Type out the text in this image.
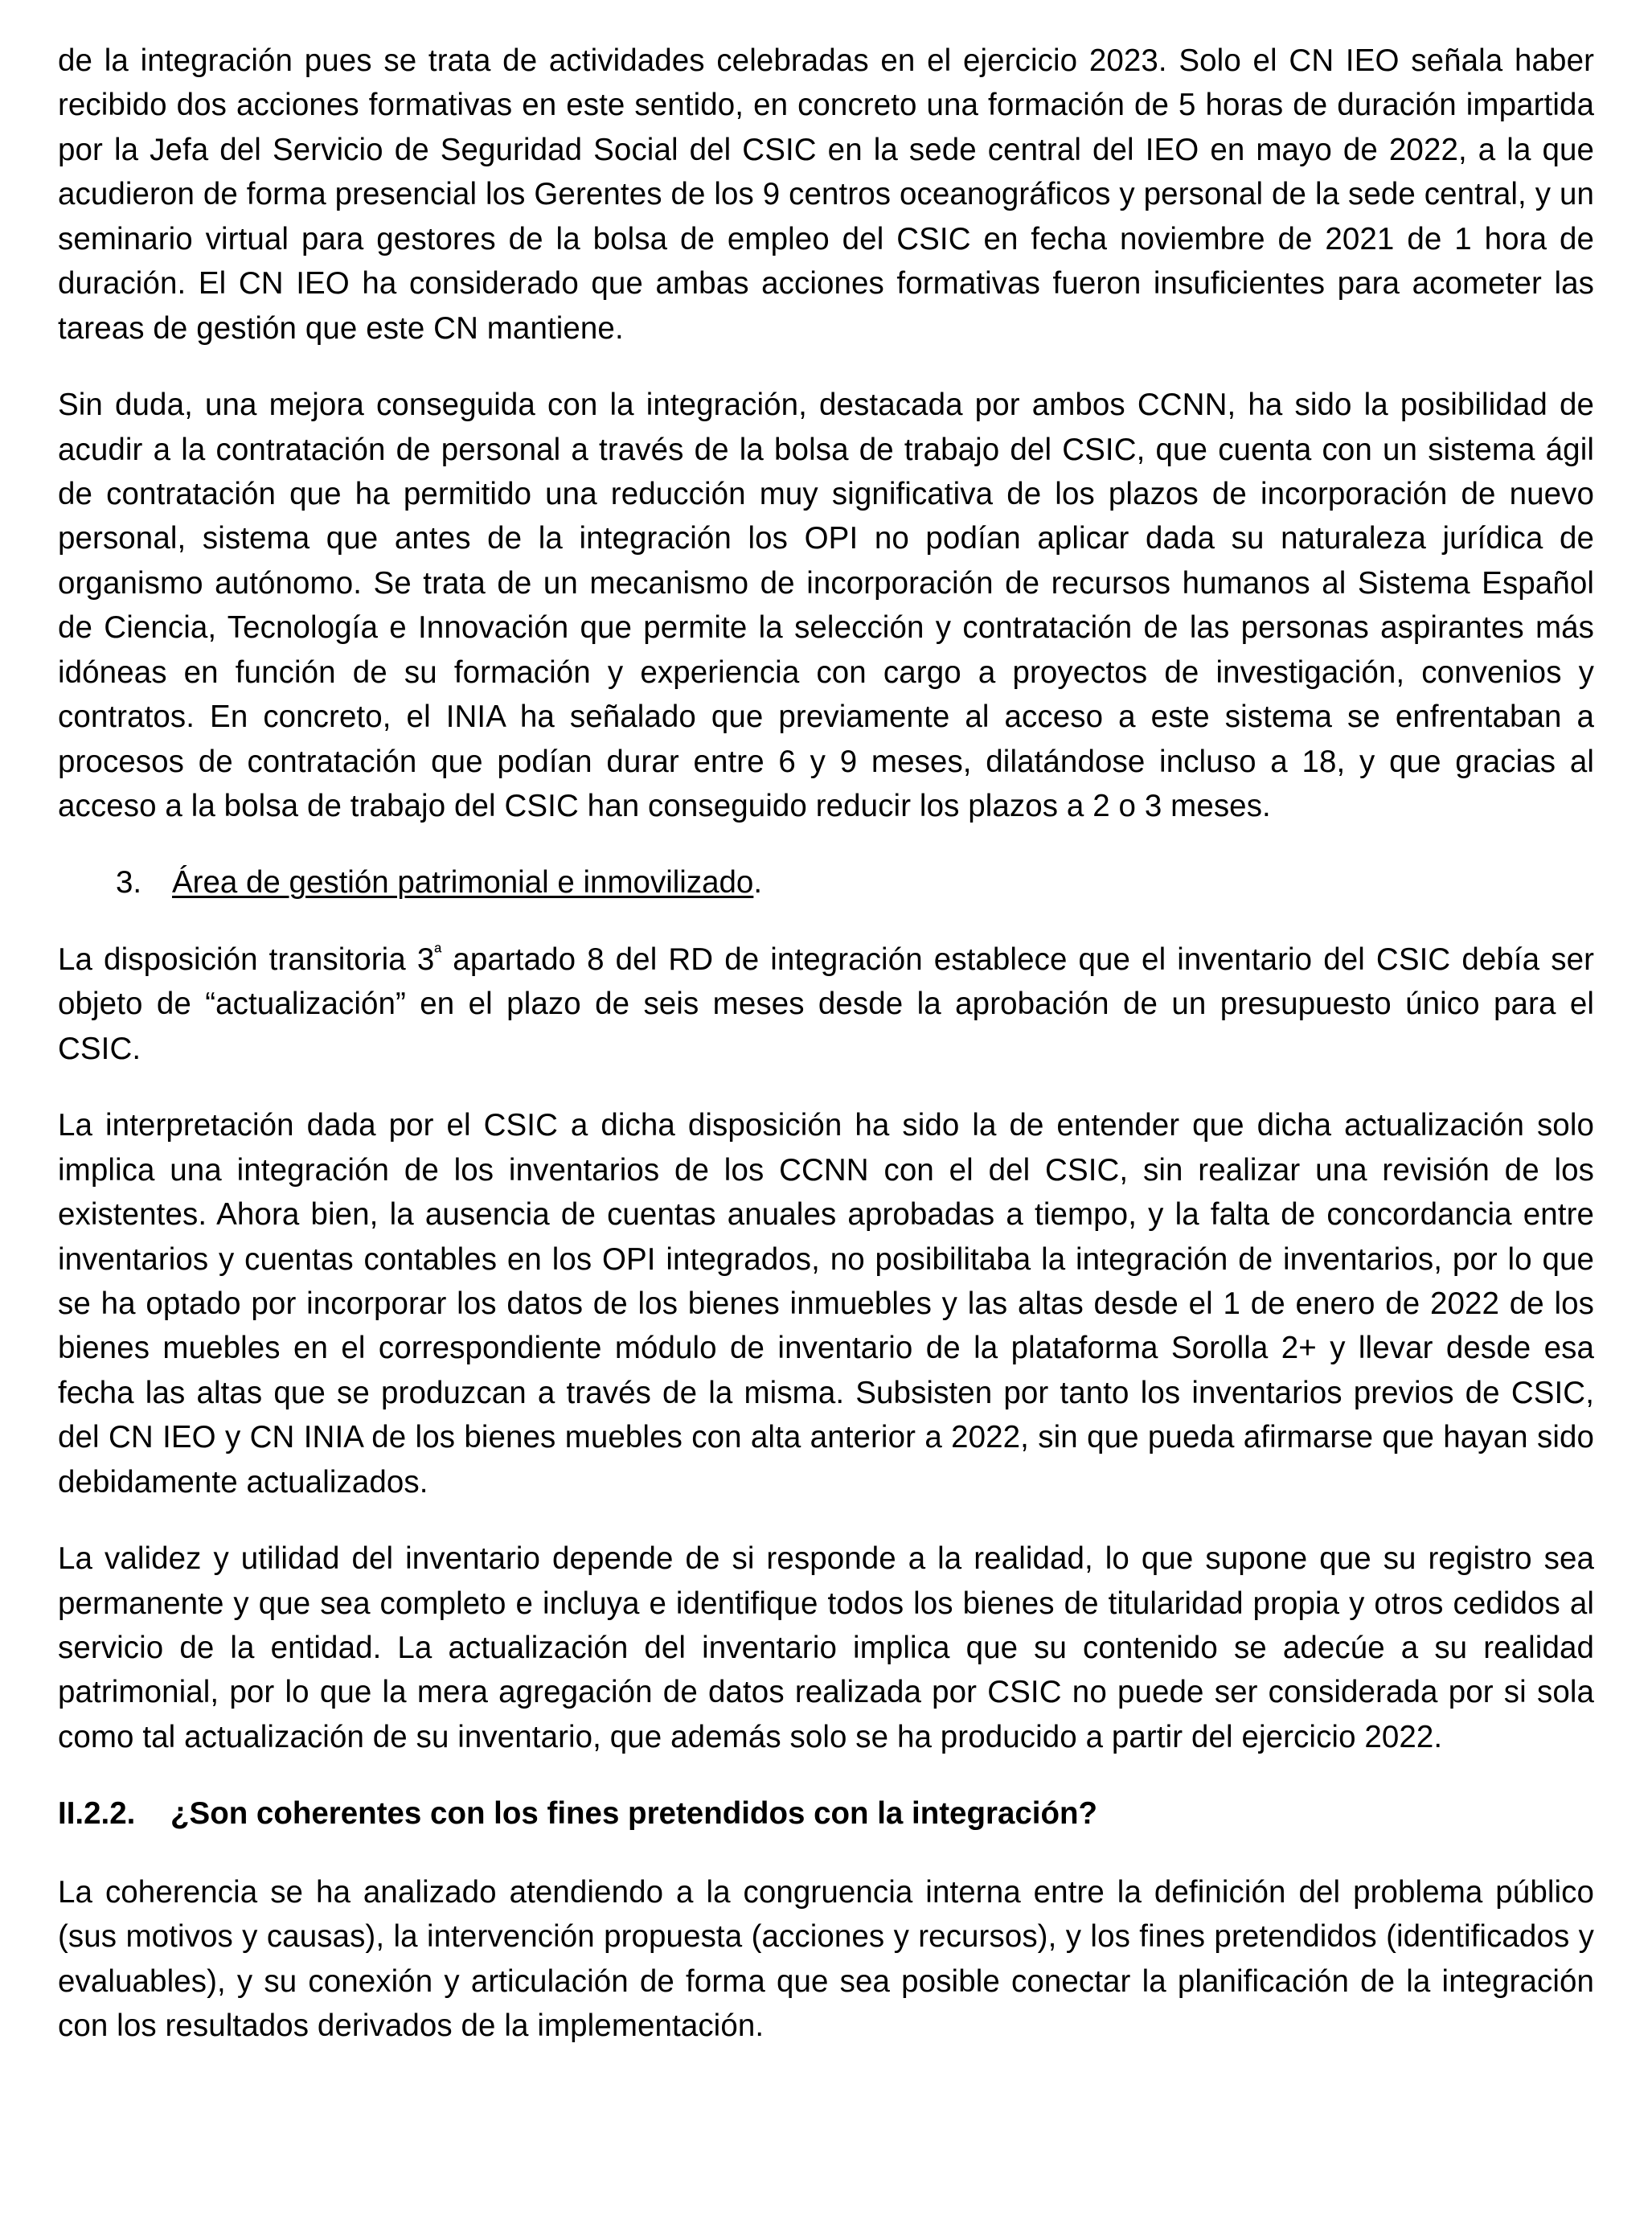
de la integración pues se trata de actividades celebradas en el ejercicio 2023. Solo el CN IEO señala haber recibido dos acciones formativas en este sentido, en concreto una formación de 5 horas de duración impartida por la Jefa del Servicio de Seguridad Social del CSIC en la sede central del IEO en mayo de 2022, a la que acudieron de forma presencial los Gerentes de los 9 centros oceanográficos y personal de la sede central, y un seminario virtual para gestores de la bolsa de empleo del CSIC en fecha noviembre de 2021 de 1 hora de duración. El CN IEO ha considerado que ambas acciones formativas fueron insuficientes para acometer las tareas de gestión que este CN mantiene.

Sin duda, una mejora conseguida con la integración, destacada por ambos CCNN, ha sido la posibilidad de acudir a la contratación de personal a través de la bolsa de trabajo del CSIC, que cuenta con un sistema ágil de contratación que ha permitido una reducción muy significativa de los plazos de incorporación de nuevo personal, sistema que antes de la integración los OPI no podían aplicar dada su naturaleza jurídica de organismo autónomo. Se trata de un mecanismo de incorporación de recursos humanos al Sistema Español de Ciencia, Tecnología e Innovación que permite la selección y contratación de las personas aspirantes más idóneas en función de su formación y experiencia con cargo a proyectos de investigación, convenios y contratos. En concreto, el INIA ha señalado que previamente al acceso a este sistema se enfrentaban a procesos de contratación que podían durar entre 6 y 9 meses, dilatándose incluso a 18, y que gracias al acceso a la bolsa de trabajo del CSIC han conseguido reducir los plazos a 2 o 3 meses.

3. Área de gestión patrimonial e inmovilizado.

La disposición transitoria $3^ª$ apartado 8 del RD de integración establece que el inventario del CSIC debía ser objeto de “actualización” en el plazo de seis meses desde la aprobación de un presupuesto único para el CSIC.

La interpretación dada por el CSIC a dicha disposición ha sido la de entender que dicha actualización solo implica una integración de los inventarios de los CCNN con el del CSIC, sin realizar una revisión de los existentes. Ahora bien, la ausencia de cuentas anuales aprobadas a tiempo, y la falta de concordancia entre inventarios y cuentas contables en los OPI integrados, no posibilitaba la integración de inventarios, por lo que se ha optado por incorporar los datos de los bienes inmuebles y las altas desde el 1 de enero de 2022 de los bienes muebles en el correspondiente módulo de inventario de la plataforma Sorolla 2+ y llevar desde esa fecha las altas que se produzcan a través de la misma. Subsisten por tanto los inventarios previos de CSIC, del CN IEO y CN INIA de los bienes muebles con alta anterior a 2022, sin que pueda afirmarse que hayan sido debidamente actualizados.

La validez y utilidad del inventario depende de si responde a la realidad, lo que supone que su registro sea permanente y que sea completo e incluya e identifique todos los bienes de titularidad propia y otros cedidos al servicio de la entidad. La actualización del inventario implica que su contenido se adecúe a su realidad patrimonial, por lo que la mera agregación de datos realizada por CSIC no puede ser considerada por si sola como tal actualización de su inventario, que además solo se ha producido a partir del ejercicio 2022.

II.2.2.	¿Son coherentes con los fines pretendidos con la integración?

La coherencia se ha analizado atendiendo a la congruencia interna entre la definición del problema público (sus motivos y causas), la intervención propuesta (acciones y recursos), y los fines pretendidos (identificados y evaluables), y su conexión y articulación de forma que sea posible conectar la planificación de la integración con los resultados derivados de la implementación.
